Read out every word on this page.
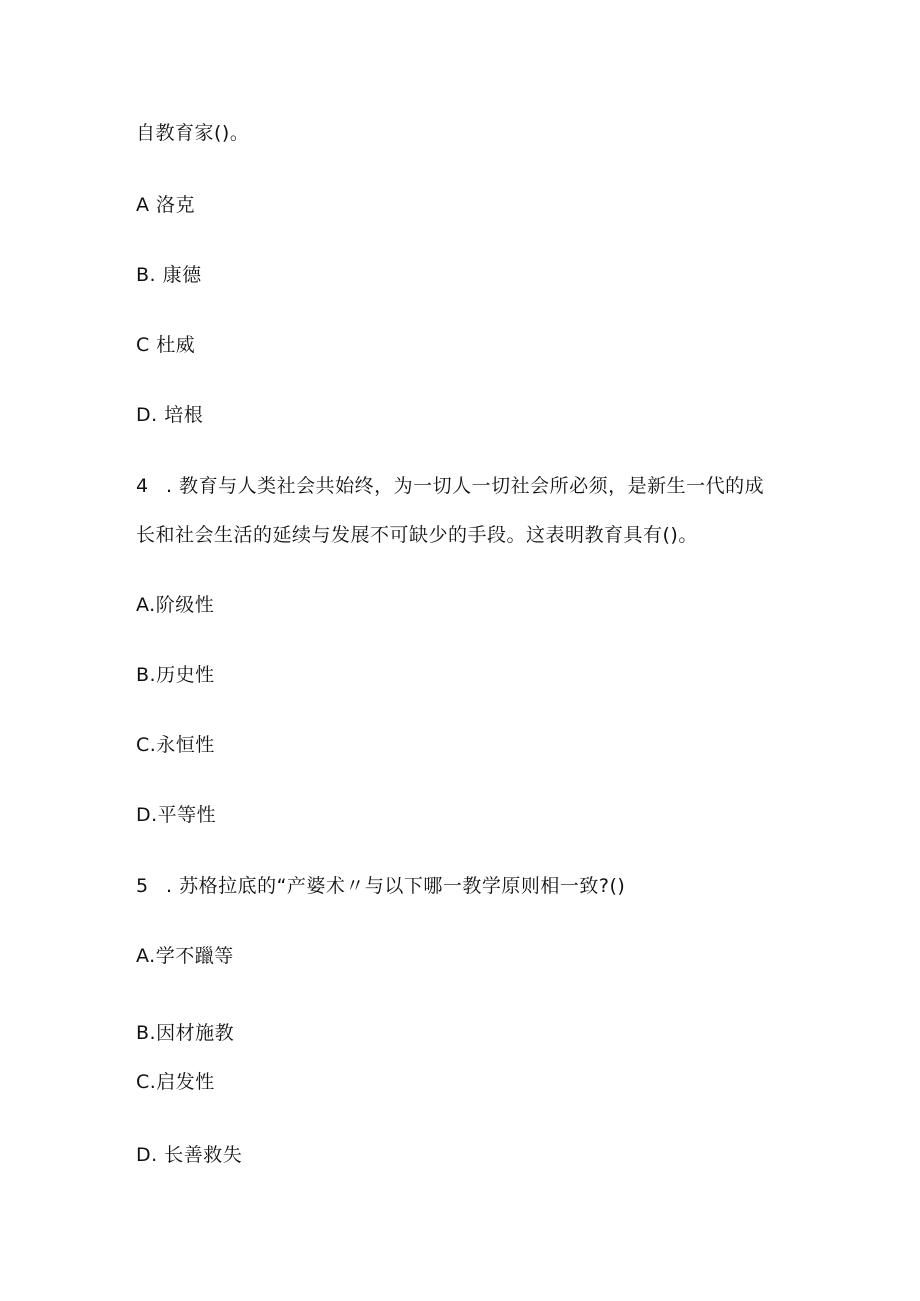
自教育家()。
A 洛克
B. 康德
C 杜威
D. 培根
4 . 教育与人类社会共始终，为一切人一切社会所必须，是新生一代的成
长和社会生活的延续与发展不可缺少的手段。这表明教育具有()。
A.阶级性
B.历史性
C.永恒性
D.平等性
5 . 苏格拉底的“产婆术〃与以下哪一教学原则相一致?()
A.学不躐等
B.因材施教
C.启发性
D. 长善救失
